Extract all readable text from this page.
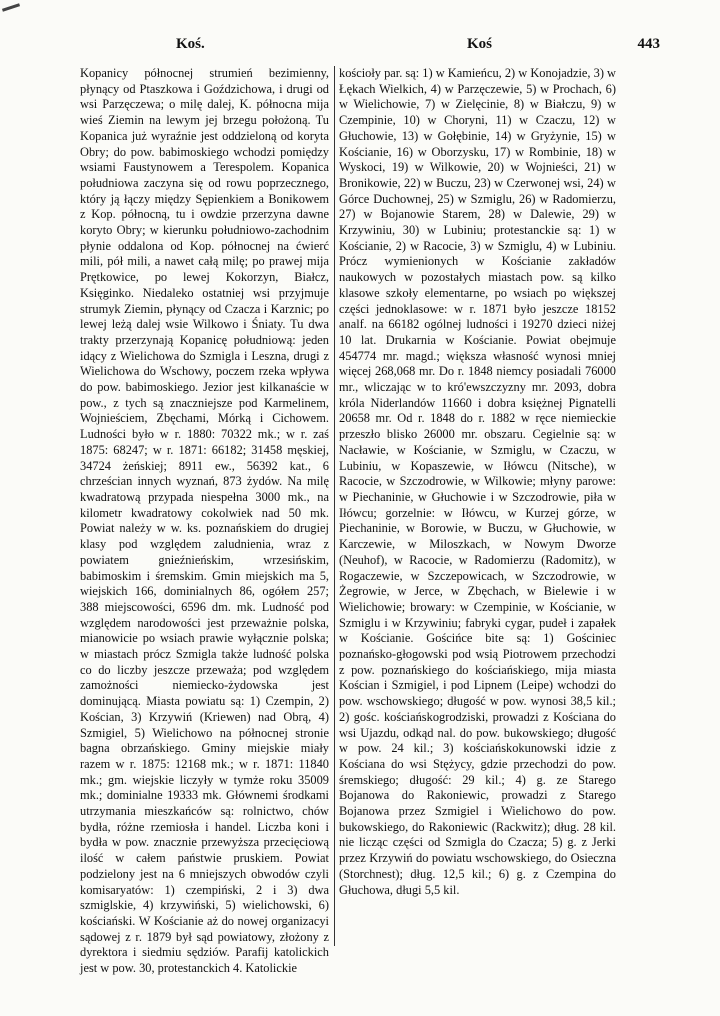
Koś.	Koś	443

Kopanicy północnej strumień bezimienny, płynący od Ptaszkowa i Goździchowa, i drugi od wsi Parzęczewa; o milę dalej, K. północna mija wieś Ziemin na lewym jej brzegu położoną. Tu Kopanica już wyraźnie jest oddzieloną od koryta Obry; do pow. babimoskiego wchodzi pomiędzy wsiami Faustynowem a Terespolem. Kopanica południowa zaczyna się od rowu poprzecznego, który ją łączy między Sępienkiem a Bonikowem z Kop. północną, tu i owdzie przerzyna dawne koryto Obry; w kierunku południowo-zachodnim płynie oddalona od Kop. północnej na ćwierć mili, pół mili, a nawet całą milę; po prawej mija Prętkowice, po lewej Kokorzyn, Białcz, Księginko. Niedaleko ostatniej wsi przyjmuje strumyk Ziemin, płynący od Czacza i Karznic; po lewej leżą dalej wsie Wilkowo i Śniaty. Tu dwa trakty przerzynają Kopanicę południową: jeden idący z Wielichowa do Szmigla i Leszna, drugi z Wielichowa do Wschowy, poczem rzeka wpływa do pow. babimoskiego. Jezior jest kilkanaście w pow., z tych są znaczniejsze pod Karmelinem, Wojnieściem, Zbęchami, Mórką i Cichowem. Ludności było w r. 1880: 70322 mk.; w r. zaś 1875: 68247; w r. 1871: 66182; 31458 męskiej, 34724 żeńskiej; 8911 ew., 56392 kat., 6 chrześcian innych wyznań, 873 żydów. Na milę kwadratową przypada niespełna 3000 mk., na kilometr kwadratowy cokolwiek nad 50 mk. Powiat należy w w. ks. poznańskiem do drugiej klasy pod względem zaludnienia, wraz z powiatem gnieźnieńskim, wrzesińskim, babimoskim i śremskim. Gmin miejskich ma 5, wiejskich 166, dominialnych 86, ogółem 257; 388 miejscowości, 6596 dm. mk. Ludność pod względem narodowości jest przeważnie polska, mianowicie po wsiach prawie wyłącznie polska; w miastach prócz Szmigla także ludność polska co do liczby jeszcze przeważa; pod względem zamożności niemiecko-żydowska jest dominującą. Miasta powiatu są: 1) Czempin, 2) Kościan, 3) Krzywiń (Kriewen) nad Obrą, 4) Szmigiel, 5) Wielichowo na północnej stronie bagna obrzańskiego. Gminy miejskie miały razem w r. 1875: 12168 mk.; w r. 1871: 11840 mk.; gm. wiejskie liczyły w tymże roku 35009 mk.; dominialne 19333 mk. Głównemi środkami utrzymania mieszkańców są: rolnictwo, chów bydła, różne rzemiosła i handel. Liczba koni i bydła w pow. znacznie przewyższa przecięciową ilość w całem państwie pruskiem. Powiat podzielony jest na 6 mniejszych obwodów czyli komisaryatów: 1) czempiński, 2 i 3) dwa szmiglskie, 4) krzywiński, 5) wielichowski, 6) kościański. W Kościanie aż do nowej organizacyi sądowej z r. 1879 był sąd powiatowy, złożony z dyrektora i siedmiu sędziów. Parafij katolickich jest w pow. 30, protestanckich 4. Katolickie

kościoły par. są: 1) w Kamieńcu, 2) w Konojadzie, 3) w Łękach Wielkich, 4) w Parzęczewie, 5) w Prochach, 6) w Wielichowie, 7) w Zielęcinie, 8) w Białczu, 9) w Czempinie, 10) w Choryni, 11) w Czaczu, 12) w Głuchowie, 13) w Gołębinie, 14) w Gryżynie, 15) w Kościanie, 16) w Oborzysku, 17) w Rombinie, 18) w Wyskoci, 19) w Wilkowie, 20) w Wojnieści, 21) w Bronikowie, 22) w Buczu, 23) w Czerwonej wsi, 24) w Górce Duchownej, 25) w Szmiglu, 26) w Radomierzu, 27) w Bojanowie Starem, 28) w Dalewie, 29) w Krzywiniu, 30) w Lubiniu; protestanckie są: 1) w Kościanie, 2) w Racocie, 3) w Szmiglu, 4) w Lubiniu. Prócz wymienionych w Kościanie zakładów naukowych w pozostałych miastach pow. są kilko klasowe szkoły elementarne, po wsiach po większej części jednoklasowe: w r. 1871 było jeszcze 18152 analf. na 66182 ogólnej ludności i 19270 dzieci niżej 10 lat. Drukarnia w Kościanie. Powiat obejmuje 454774 mr. magd.; większa własność wynosi mniej więcej 268,068 mr. Do r. 1848 niemcy posiadali 76000 mr., wliczając w to kró'ewszczyzny mr. 2093, dobra króla Niderlandów 11660 i dobra księżnej Pignatelli 20658 mr. Od r. 1848 do r. 1882 w ręce niemieckie przeszło blisko 26000 mr. obszaru. Cegielnie są: w Nacławie, w Kościanie, w Szmiglu, w Czaczu, w Lubiniu, w Kopaszewie, w Iłówcu (Nitsche), w Racocie, w Szczodrowie, w Wilkowie; młyny parowe: w Piechaninie, w Głuchowie i w Szczodrowie, piła w Iłówcu; gorzelnie: w Iłówcu, w Kurzej górze, w Piechaninie, w Borowie, w Buczu, w Głuchowie, w Karczewie, w Miloszkach, w Nowym Dworze (Neuhof), w Racocie, w Radomierzu (Radomitz), w Rogaczewie, w Szczepowicach, w Szczodrowie, w Żegrowie, w Jerce, w Zbęchach, w Bielewie i w Wielichowie; browary: w Czempinie, w Kościanie, w Szmiglu i w Krzywiniu; fabryki cygar, pudeł i zapałek w Kościanie. Gościńce bite są: 1) Gościniec poznańsko-głogowski pod wsią Piotrowem przechodzi z pow. poznańskiego do kościańskiego, mija miasta Kościan i Szmigiel, i pod Lipnem (Leipe) wchodzi do pow. wschowskiego; długość w pow. wynosi 38,5 kil.; 2) gośc. kościańskogrodziski, prowadzi z Kościana do wsi Ujazdu, odkąd nal. do pow. bukowskiego; długość w pow. 24 kil.; 3) kościańskokunowski idzie z Kościana do wsi Stężycy, gdzie przechodzi do pow. śremskiego; długość: 29 kil.; 4) g. ze Starego Bojanowa do Rakoniewic, prowadzi z Starego Bojanowa przez Szmigiel i Wielichowo do pow. bukowskiego, do Rakoniewic (Rackwitz); dług. 28 kil. nie licząc części od Szmigla do Czacza; 5) g. z Jerki przez Krzywiń do powiatu wschowskiego, do Osieczna (Storchnest); dług. 12,5 kil.; 6) g. z Czempina do Głuchowa, długi 5,5 kil.
